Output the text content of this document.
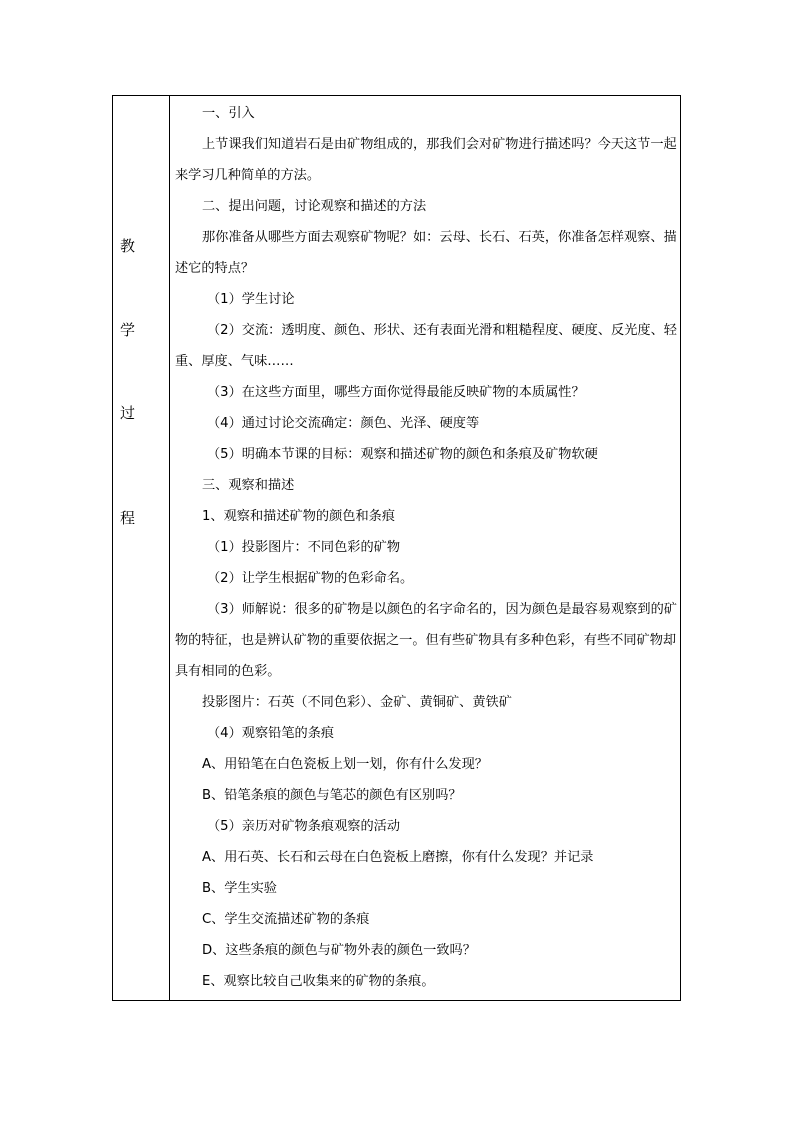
教
学
过
程

一、引入

上节课我们知道岩石是由矿物组成的，那我们会对矿物进行描述吗？今天这节一起来学习几种简单的方法。

二、提出问题，讨论观察和描述的方法

那你准备从哪些方面去观察矿物呢？如：云母、长石、石英，你准备怎样观察、描述它的特点？

（1）学生讨论

（2）交流：透明度、颜色、形状、还有表面光滑和粗糙程度、硬度、反光度、轻重、厚度、气味……

（3）在这些方面里，哪些方面你觉得最能反映矿物的本质属性？

（4）通过讨论交流确定：颜色、光泽、硬度等

（5）明确本节课的目标：观察和描述矿物的颜色和条痕及矿物软硬

三、观察和描述

1、观察和描述矿物的颜色和条痕

（1）投影图片：不同色彩的矿物

（2）让学生根据矿物的色彩命名。

（3）师解说：很多的矿物是以颜色的名字命名的，因为颜色是最容易观察到的矿物的特征，也是辨认矿物的重要依据之一。但有些矿物具有多种色彩，有些不同矿物却具有相同的色彩。

投影图片：石英（不同色彩）、金矿、黄铜矿、黄铁矿

（4）观察铅笔的条痕

A、用铅笔在白色瓷板上划一划，你有什么发现？

B、铅笔条痕的颜色与笔芯的颜色有区别吗？

（5）亲历对矿物条痕观察的活动

A、用石英、长石和云母在白色瓷板上磨擦，你有什么发现？并记录

B、学生实验

C、学生交流描述矿物的条痕

D、这些条痕的颜色与矿物外表的颜色一致吗？

E、观察比较自己收集来的矿物的条痕。
